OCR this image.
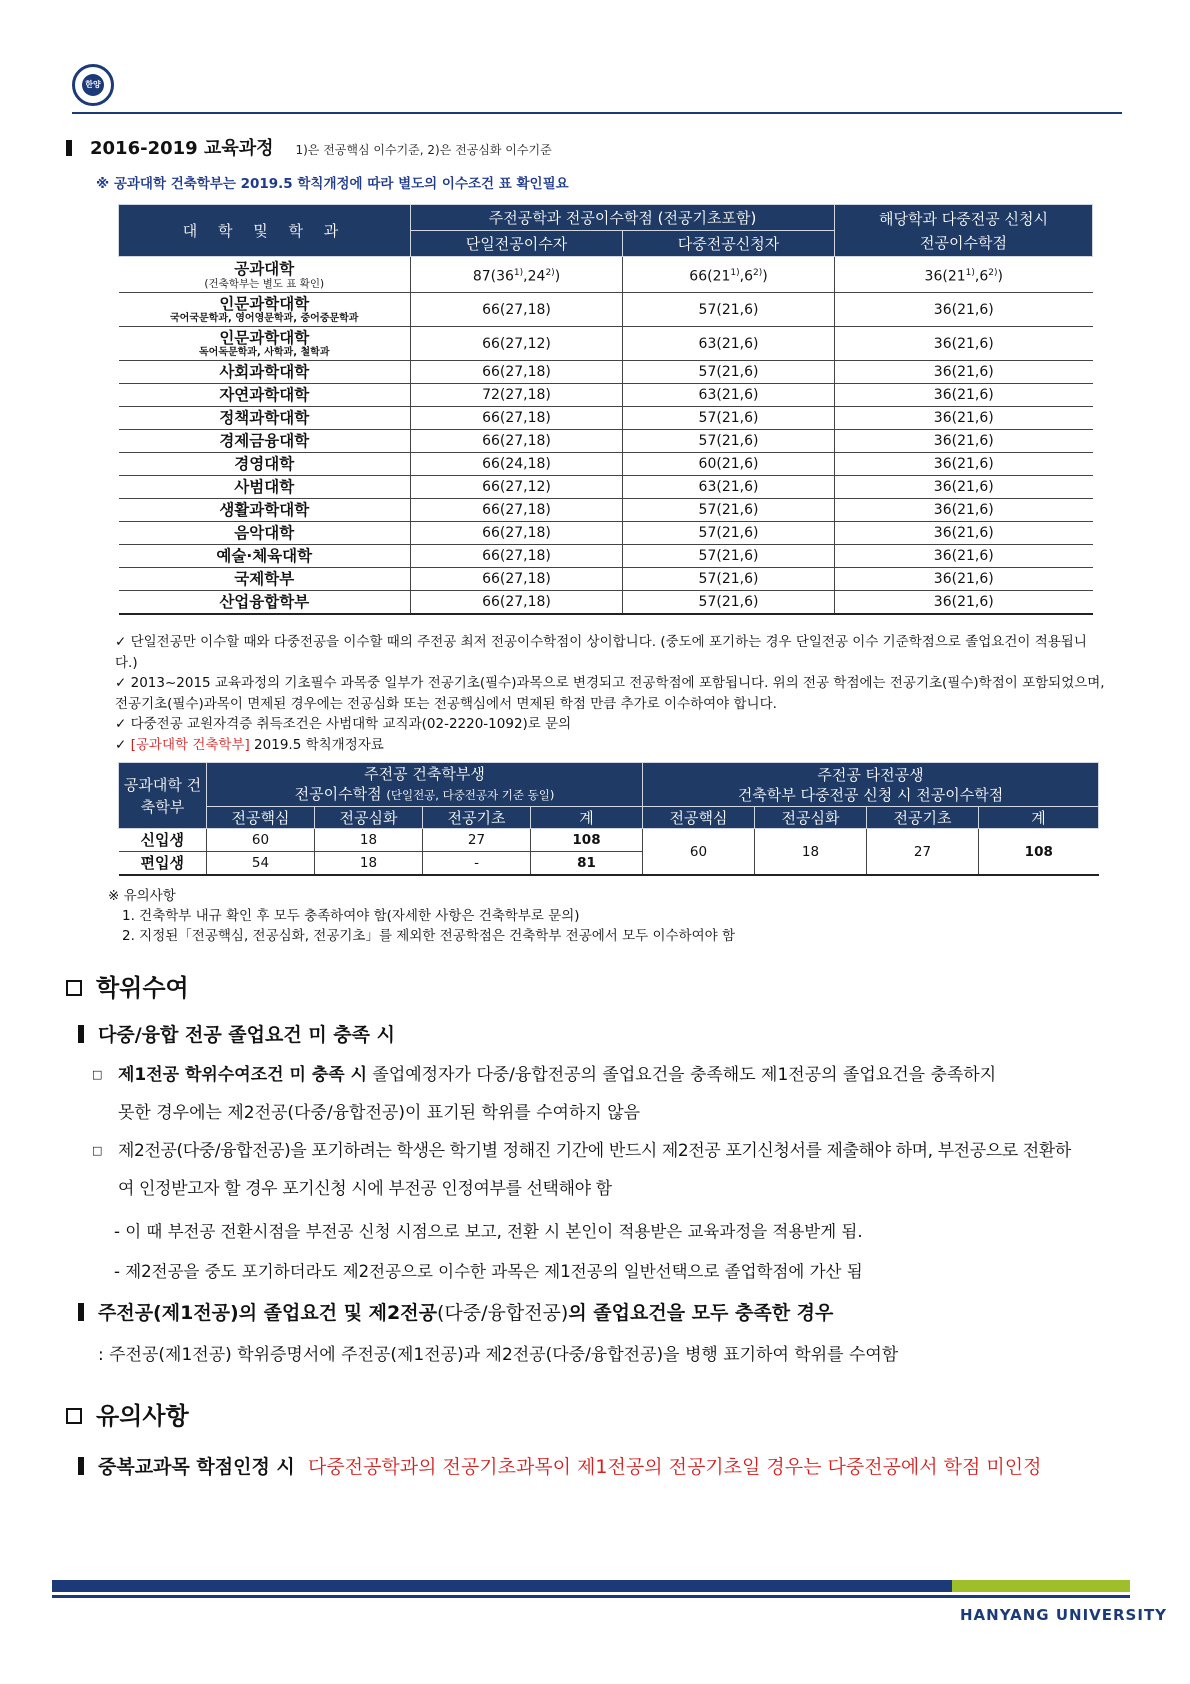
한양
2016-2019 교육과정 1)은 전공핵심 이수기준, 2)은 전공심화 이수기준
※ 공과대학 건축학부는 2019.5 학칙개정에 따라 별도의 이수조건 표 확인필요
대 학 및 학 과	주전공학과 전공이수학점 (전공기초포함)		해당학과 다중전공 신청시
전공이수학점
	단일전공이수자	다중전공신청자	
공과대학
(건축학부는 별도 표 확인)	87(36$^{1)}$,24$^{2)}$)	66(21$^{1)}$,6$^{2)}$)	36(21$^{1)}$,6$^{2)}$)
인문과학대학
국어국문학과, 영어영문학과, 중어중문학과	66(27,18)	57(21,6)	36(21,6)
인문과학대학
독어독문학과, 사학과, 철학과	66(27,12)	63(21,6)	36(21,6)
사회과학대학	66(27,18)	57(21,6)	36(21,6)
자연과학대학	72(27,18)	63(21,6)	36(21,6)
정책과학대학	66(27,18)	57(21,6)	36(21,6)
경제금융대학	66(27,18)	57(21,6)	36(21,6)
경영대학	66(24,18)	60(21,6)	36(21,6)
사범대학	66(27,12)	63(21,6)	36(21,6)
생활과학대학	66(27,18)	57(21,6)	36(21,6)
음악대학	66(27,18)	57(21,6)	36(21,6)
예술·체육대학	66(27,18)	57(21,6)	36(21,6)
국제학부	66(27,18)	57(21,6)	36(21,6)
산업융합학부	66(27,18)	57(21,6)	36(21,6)
✓ 단일전공만 이수할 때와 다중전공을 이수할 때의 주전공 최저 전공이수학점이 상이합니다. (중도에 포기하는 경우 단일전공 이수 기준학점으로 졸업요건이 적용됩니다.)
✓ 2013~2015 교육과정의 기초필수 과목중 일부가 전공기초(필수)과목으로 변경되고 전공학점에 포함됩니다. 위의 전공 학점에는 전공기초(필수)학점이 포함되었으며, 전공기초(필수)과목이 면제된 경우에는 전공심화 또는 전공핵심에서 면제된 학점 만큼 추가로 이수하여야 합니다.
✓ 다중전공 교원자격증 취득조건은 사범대학 교직과(02-2220-1092)로 문의
✓ [공과대학 건축학부] 2019.5 학칙개정자료
공과대학 건축학부	주전공 건축학부생
전공이수학점 (단일전공, 다중전공자 기준 동일)				주전공 타전공생
건축학부 다중전공 신청 시 전공이수학점			
	전공핵심	전공심화	전공기초	계	전공핵심	전공심화	전공기초	계
신입생	60	18	27	108	60	18	27	108
편입생	54	18	-	81				
※ 유의사항
1. 건축학부 내규 확인 후 모두 충족하여야 함(자세한 사항은 건축학부로 문의)
2. 지정된「전공핵심, 전공심화, 전공기초」를 제외한 전공학점은 건축학부 전공에서 모두 이수하여야 함
학위수여
다중/융합 전공 졸업요건 미 충족 시
□ 제1전공 학위수여조건 미 충족 시 졸업예정자가 다중/융합전공의 졸업요건을 충족해도 제1전공의 졸업요건을 충족하지
못한 경우에는 제2전공(다중/융합전공)이 표기된 학위를 수여하지 않음
□ 제2전공(다중/융합전공)을 포기하려는 학생은 학기별 정해진 기간에 반드시 제2전공 포기신청서를 제출해야 하며, 부전공으로 전환하
여 인정받고자 할 경우 포기신청 시에 부전공 인정여부를 선택해야 함
- 이 때 부전공 전환시점을 부전공 신청 시점으로 보고, 전환 시 본인이 적용받은 교육과정을 적용받게 됨.
- 제2전공을 중도 포기하더라도 제2전공으로 이수한 과목은 제1전공의 일반선택으로 졸업학점에 가산 됨
주전공(제1전공)의 졸업요건 및 제2전공(다중/융합전공)의 졸업요건을 모두 충족한 경우
: 주전공(제1전공) 학위증명서에 주전공(제1전공)과 제2전공(다중/융합전공)을 병행 표기하여 학위를 수여함
유의사항
중복교과목 학점인정 시 다중전공학과의 전공기초과목이 제1전공의 전공기초일 경우는 다중전공에서 학점 미인정
HANYANG UNIVERSITY
